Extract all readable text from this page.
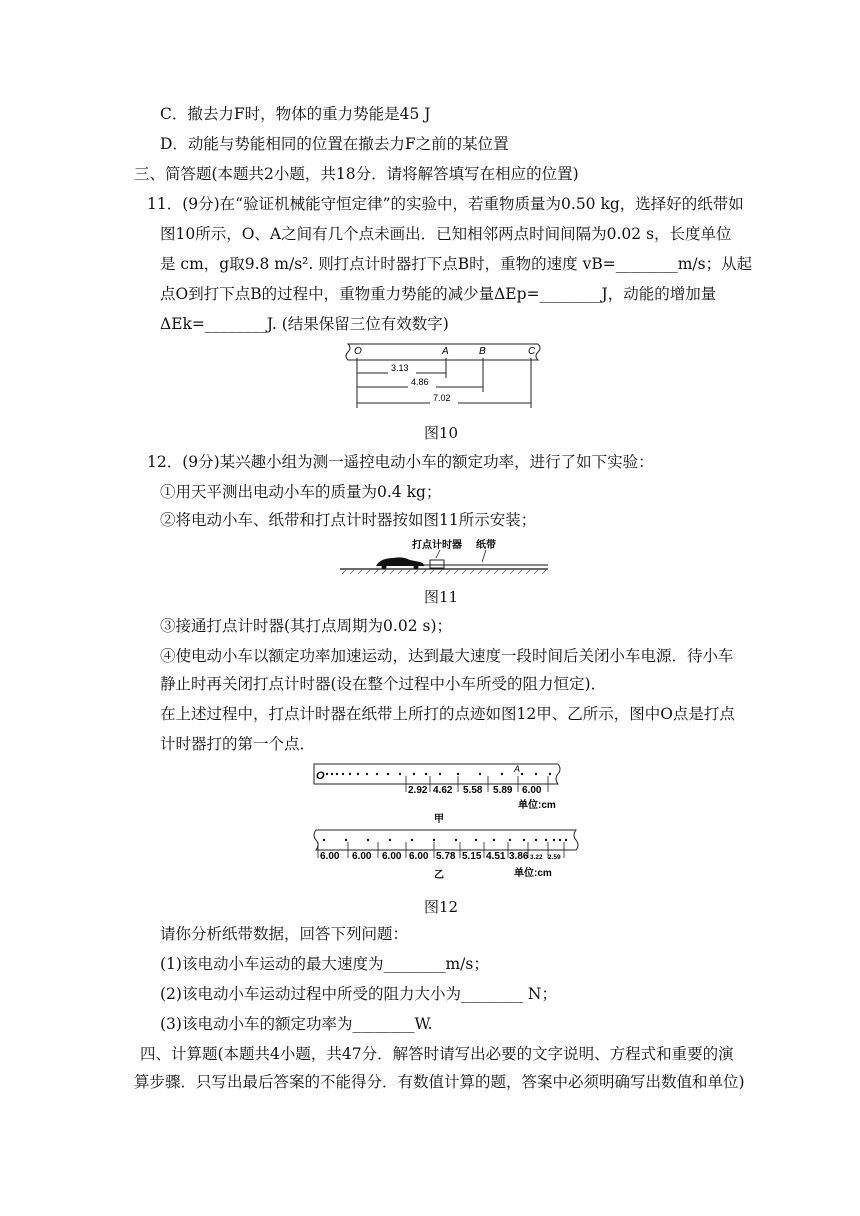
C．撤去力F时，物体的重力势能是45 J
D．动能与势能相同的位置在撤去力F之前的某位置
三、简答题(本题共2小题，共18分．请将解答填写在相应的位置)
11．(9分)在“验证机械能守恒定律”的实验中，若重物质量为0.50 kg，选择好的纸带如
图10所示，O、A之间有几个点未画出．已知相邻两点时间间隔为0.02 s，长度单位
是 cm，g取9.8 m/s². 则打点计时器打下点B时，重物的速度 vB=________m/s；从起
点O到打下点B的过程中，重物重力势能的减少量ΔEp=________J，动能的增加量
ΔEk=________J. (结果保留三位有效数字)
O	A	B	C
3.13
4.86
7.02
图10
12．(9分)某兴趣小组为测一遥控电动小车的额定功率，进行了如下实验：
①用天平测出电动小车的质量为0.4 kg；
②将电动小车、纸带和打点计时器按如图11所示安装；
打点计时器 纸带
图11
③接通打点计时器(其打点周期为0.02 s)；
④使电动小车以额定功率加速运动，达到最大速度一段时间后关闭小车电源．待小车
静止时再关闭打点计时器(设在整个过程中小车所受的阻力恒定)．
在上述过程中，打点计时器在纸带上所打的点迹如图12甲、乙所示，图中O点是打点
计时器打的第一个点．
O
A
2.92 4.62 5.58 5.89 6.00
单位:cm
甲
6.00 6.00 6.00 6.00 5.78 5.15 4.51 3.86 3.22 2.59
乙	单位:cm
图12
请你分析纸带数据，回答下列问题：
(1)该电动小车运动的最大速度为________m/s；
(2)该电动小车运动过程中所受的阻力大小为________ N；
(3)该电动小车的额定功率为________W.
四、计算题(本题共4小题，共47分．解答时请写出必要的文字说明、方程式和重要的演
算步骤．只写出最后答案的不能得分．有数值计算的题，答案中必须明确写出数值和单位)
